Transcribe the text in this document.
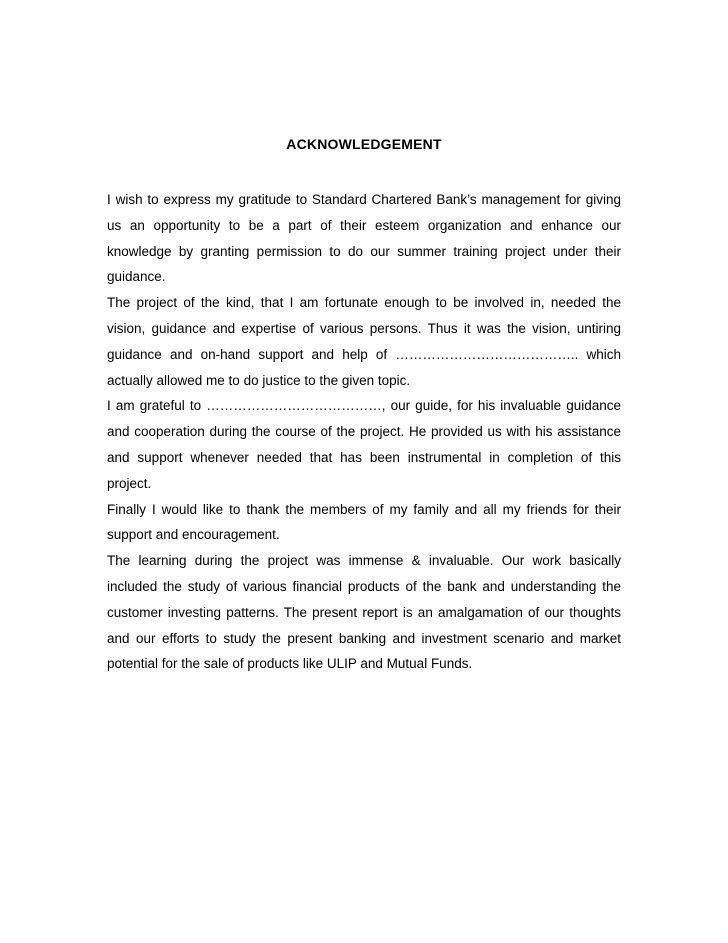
ACKNOWLEDGEMENT

I wish to express my gratitude to Standard Chartered Bank’s management for giving us an opportunity to be a part of their esteem organization and enhance our knowledge by granting permission to do our summer training project under their guidance.

The project of the kind, that I am fortunate enough to be involved in, needed the vision, guidance and expertise of various persons. Thus it was the vision, untiring guidance and on-hand support and help of ………………………………….. which actually allowed me to do justice to the given topic.

I am grateful to …………………………………, our guide, for his invaluable guidance and cooperation during the course of the project. He provided us with his assistance and support whenever needed that has been instrumental in completion of this project.

Finally I would like to thank the members of my family and all my friends for their support and encouragement.

The learning during the project was immense & invaluable. Our work basically included the study of various financial products of the bank and understanding the customer investing patterns. The present report is an amalgamation of our thoughts and our efforts to study the present banking and investment scenario and market potential for the sale of products like ULIP and Mutual Funds.
